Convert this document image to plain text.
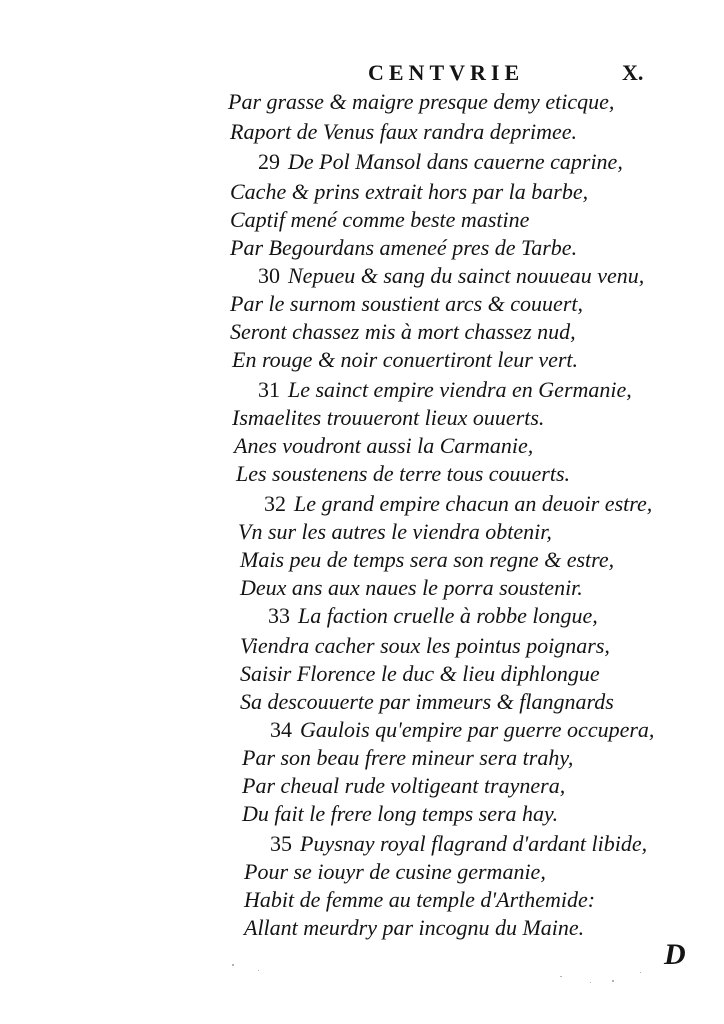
CENTVRIE	X.
Par grasse & maigre presque demy eticque,
Raport de Venus faux randra deprimee.
29 De Pol Mansol dans cauerne caprine,
Cache & prins extrait hors par la barbe,
Captif mené comme beste mastine
Par Begourdans ameneé pres de Tarbe.
30 Nepueu & sang du sainct nouueau venu,
Par le surnom soustient arcs & couuert,
Seront chassez mis à mort chassez nud,
En rouge & noir conuertiront leur vert.
31 Le sainct empire viendra en Germanie,
Ismaelites trouueront lieux ouuerts.
Anes voudront aussi la Carmanie,
Les soustenens de terre tous couuerts.
32 Le grand empire chacun an deuoir estre,
Vn sur les autres le viendra obtenir,
Mais peu de temps sera son regne & estre,
Deux ans aux naues le porra soustenir.
33 La faction cruelle à robbe longue,
Viendra cacher soux les pointus poignars,
Saisir Florence le duc & lieu diphlongue
Sa descouuerte par immeurs & flangnards
34 Gaulois qu'empire par guerre occupera,
Par son beau frere mineur sera trahy,
Par cheual rude voltigeant traynera,
Du fait le frere long temps sera hay.
35 Puysnay royal flagrand d'ardant libide,
Pour se iouyr de cusine germanie,
Habit de femme au temple d'Arthemide:
Allant meurdry par incognu du Maine.
D
